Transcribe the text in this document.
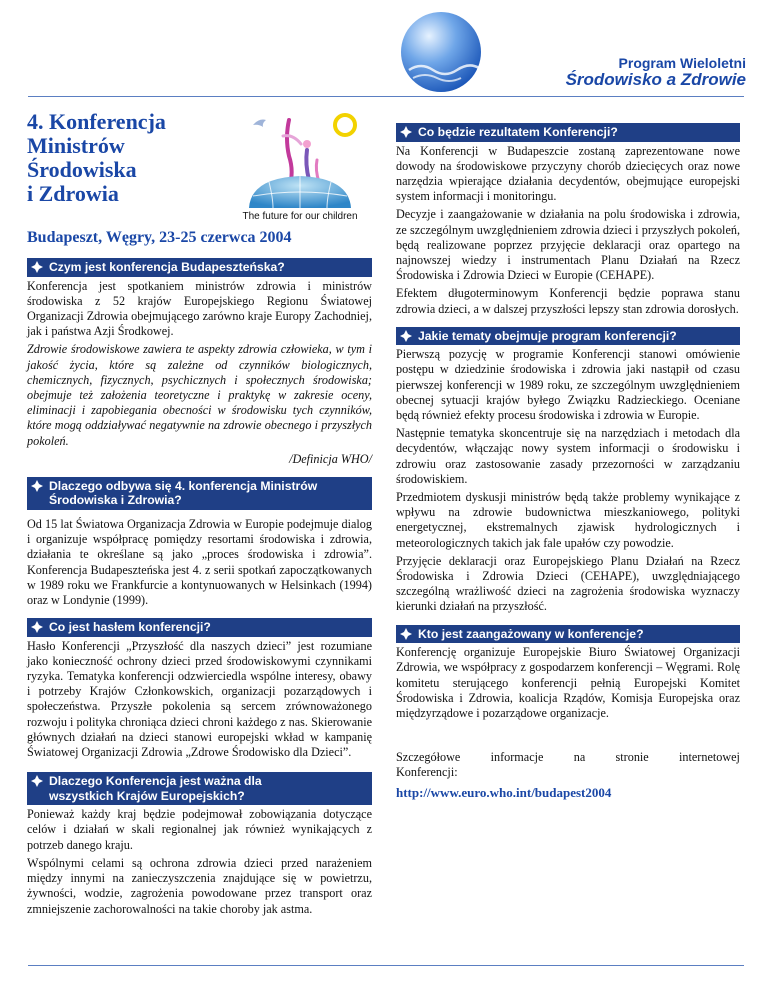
Program Wieloletni
Środowisko a Zdrowie
4. Konferencja
Ministrów
Środowiska
i Zdrowia
The future for our children
Budapeszt, Węgry, 23-25 czerwca 2004
Czym jest konferencja Budapeszteńska?

Konferencja jest spotkaniem ministrów zdrowia i ministrów środowiska z 52 krajów Europejskiego Regionu Światowej Organizacji Zdrowia obejmującego zarówno kraje Europy Zachodniej, jak i państwa Azji Środkowej.

Zdrowie środowiskowe zawiera te aspekty zdrowia człowieka, w tym i jakość życia, które są zależne od czynników biologicznych, chemicznych, fizycznych, psychicznych i społecznych środowiska; obejmuje też założenia teoretyczne i praktykę w zakresie oceny, eliminacji i zapobiegania obecności w środowisku tych czynników, które mogą oddziaływać negatywnie na zdrowie obecnego i przyszłych pokoleń.

/Definicja WHO/

Dlaczego odbywa się 4. konferencja Ministrów
Środowiska i Zdrowia?

Od 15 lat Światowa Organizacja Zdrowia w Europie podejmuje dialog i organizuje współpracę pomiędzy resortami środowiska i zdrowia, działania te określane są jako „proces środowiska i zdrowia”. Konferencja Budapeszteńska jest 4. z serii spotkań zapoczątkowanych w 1989 roku we Frankfurcie a kontynuowanych w Helsinkach (1994) oraz w Londynie (1999).

Co jest hasłem konferencji?

Hasło Konferencji „Przyszłość dla naszych dzieci” jest rozumiane jako konieczność ochrony dzieci przed środowiskowymi czynnikami ryzyka. Tematyka konferencji odzwierciedla wspólne interesy, obawy i potrzeby Krajów Członkowskich, organizacji pozarządowych i społeczeństwa. Przyszłe pokolenia są sercem zrównoważonego rozwoju i polityka chroniąca dzieci chroni każdego z nas. Skierowanie głównych działań na dzieci stanowi europejski wkład w kampanię Światowej Organizacji Zdrowia „Zdrowe Środowisko dla Dzieci”.

Dlaczego Konferencja jest ważna dla
wszystkich Krajów Europejskich?

Ponieważ każdy kraj będzie podejmował zobowiązania dotyczące celów i działań w skali regionalnej jak również wynikających z potrzeb danego kraju.

Wspólnymi celami są ochrona zdrowia dzieci przed narażeniem między innymi na zanieczyszczenia znajdujące się w powietrzu, żywności, wodzie, zagrożenia powodowane przez transport oraz zmniejszenie zachorowalności na takie choroby jak astma.

Co będzie rezultatem Konferencji?

Na Konferencji w Budapeszcie zostaną zaprezentowane nowe dowody na środowiskowe przyczyny chorób dziecięcych oraz nowe narzędzia wpierające działania decydentów, obejmujące europejski system informacji i monitoringu.

Decyzje i zaangażowanie w działania na polu środowiska i zdrowia, ze szczególnym uwzględnieniem zdrowia dzieci i przyszłych pokoleń, będą realizowane poprzez przyjęcie deklaracji oraz opartego na najnowszej wiedzy i instrumentach Planu Działań na Rzecz Środowiska i Zdrowia Dzieci w Europie (CEHAPE).

Efektem długoterminowym Konferencji będzie poprawa stanu zdrowia dzieci, a w dalszej przyszłości lepszy stan zdrowia dorosłych.

Jakie tematy obejmuje program konferencji?

Pierwszą pozycję w programie Konferencji stanowi omówienie postępu w dziedzinie środowiska i zdrowia jaki nastąpił od czasu pierwszej konferencji w 1989 roku, ze szczególnym uwzględnieniem obecnej sytuacji krajów byłego Związku Radzieckiego. Oceniane będą również efekty procesu środowiska i zdrowia w Europie.

Następnie tematyka skoncentruje się na narzędziach i metodach dla decydentów, włączając nowy system informacji o środowisku i zdrowiu oraz zastosowanie zasady przezorności w zarządzaniu środowiskiem.

Przedmiotem dyskusji ministrów będą także problemy wynikające z wpływu na zdrowie budownictwa mieszkaniowego, polityki energetycznej, ekstremalnych zjawisk hydrologicznych i meteorologicznych takich jak fale upałów czy powodzie.

Przyjęcie deklaracji oraz Europejskiego Planu Działań na Rzecz Środowiska i Zdrowia Dzieci (CEHAPE), uwzględniającego szczególną wrażliwość dzieci na zagrożenia środowiska wyznaczy kierunki działań na przyszłość.

Kto jest zaangażowany w konferencje?

Konferencję organizuje Europejskie Biuro Światowej Organizacji Zdrowia, we współpracy z gospodarzem konferencji – Węgrami. Rolę komitetu sterującego konferencji pełnią Europejski Komitet Środowiska i Zdrowia, koalicja Rządów, Komisja Europejska oraz międzyrządowe i pozarządowe organizacje.

Szczegółowe informacje na stronie internetowej

Konferencji:

http://www.euro.who.int/budapest2004
